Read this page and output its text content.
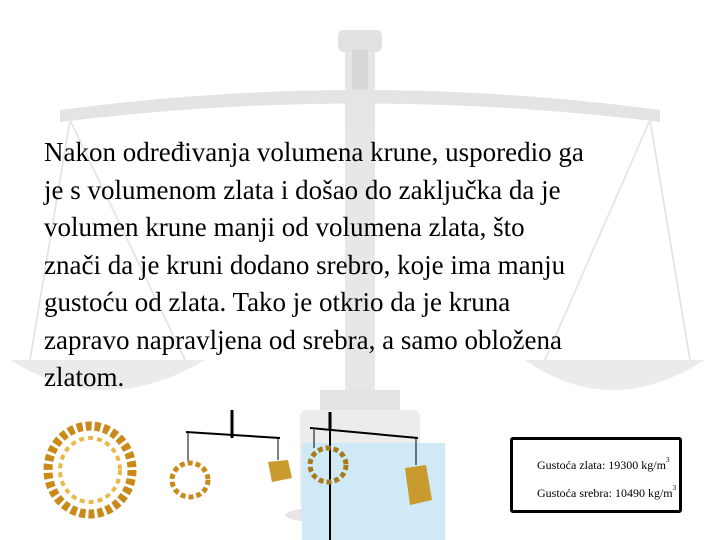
Nakon određivanja volumena krune, usporedio ga
je s volumenom zlata i došao do zaključka da je
volumen krune manji od volumena zlata, što
znači da je kruni dodano srebro, koje ima manju
gustoću od zlata. Tako je otkrio da je kruna
zapravo napravljena od srebra, a samo obložena
zlatom.
Gustoća zlata: 19300 $kg/m^3$
Gustoća srebra: 10490 $kg/m^3$
